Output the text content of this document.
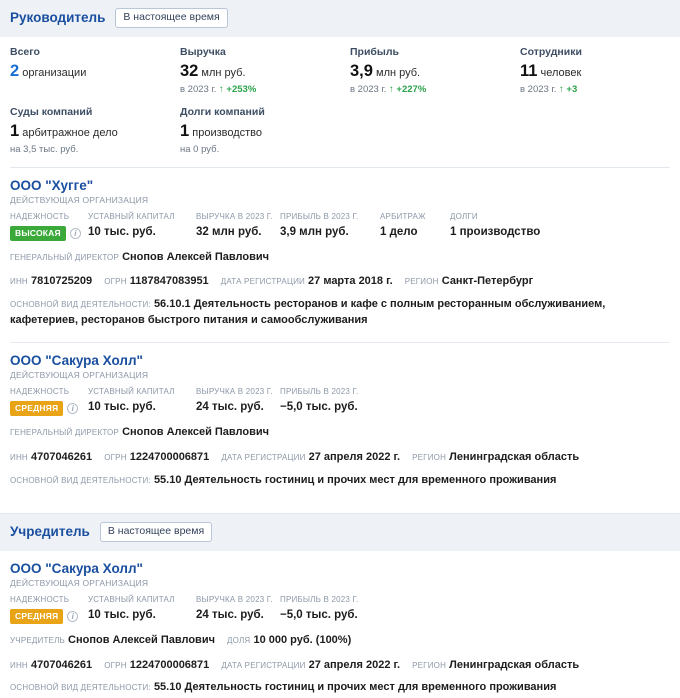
Руководитель	В настоящее время
Всего
2 организации
Выручка
32 млн руб.
в 2023 г. ↑ +253%
Прибыль
3,9 млн руб.
в 2023 г. ↑ +227%
Сотрудники
11 человек
в 2023 г. ↑ +3
Суды компаний
1 арбитражное дело
на 3,5 тыс. руб.
Долги компаний
1 производство
на 0 руб.
ООО "Хугге"
ДЕЙСТВУЮЩАЯ ОРГАНИЗАЦИЯ
НАДЕЖНОСТЬ
ВЫСОКАЯ	i
УСТАВНЫЙ КАПИТАЛ
10 тыс. руб.
ВЫРУЧКА В 2023 Г.
32 млн руб.
ПРИБЫЛЬ В 2023 Г.
3,9 млн руб.
АРБИТРАЖ
1 дело
ДОЛГИ
1 производство
ГЕНЕРАЛЬНЫЙ ДИРЕКТОР Снопов Алексей Павлович
ИНН 7810725209 ОГРН 1187847083951 ДАТА РЕГИСТРАЦИИ 27 марта 2018 г. РЕГИОН Санкт-Петербург
ОСНОВНОЙ ВИД ДЕЯТЕЛЬНОСТИ: 56.10.1 Деятельность ресторанов и кафе с полным ресторанным обслуживанием, кафетериев, ресторанов быстрого питания и самообслуживания
ООО "Сакура Холл"
ДЕЙСТВУЮЩАЯ ОРГАНИЗАЦИЯ
НАДЕЖНОСТЬ
СРЕДНЯЯ	i
УСТАВНЫЙ КАПИТАЛ
10 тыс. руб.
ВЫРУЧКА В 2023 Г.
24 тыс. руб.
ПРИБЫЛЬ В 2023 Г.
−5,0 тыс. руб.
ГЕНЕРАЛЬНЫЙ ДИРЕКТОР Снопов Алексей Павлович
ИНН 4707046261 ОГРН 1224700006871 ДАТА РЕГИСТРАЦИИ 27 апреля 2022 г. РЕГИОН Ленинградская область
ОСНОВНОЙ ВИД ДЕЯТЕЛЬНОСТИ: 55.10 Деятельность гостиниц и прочих мест для временного проживания
Учредитель	В настоящее время
ООО "Сакура Холл"
ДЕЙСТВУЮЩАЯ ОРГАНИЗАЦИЯ
НАДЕЖНОСТЬ
СРЕДНЯЯ	i
УСТАВНЫЙ КАПИТАЛ
10 тыс. руб.
ВЫРУЧКА В 2023 Г.
24 тыс. руб.
ПРИБЫЛЬ В 2023 Г.
−5,0 тыс. руб.
УЧРЕДИТЕЛЬ Снопов Алексей Павлович ДОЛЯ 10 000 руб. (100%)
ИНН 4707046261 ОГРН 1224700006871 ДАТА РЕГИСТРАЦИИ 27 апреля 2022 г. РЕГИОН Ленинградская область
ОСНОВНОЙ ВИД ДЕЯТЕЛЬНОСТИ: 55.10 Деятельность гостиниц и прочих мест для временного проживания
